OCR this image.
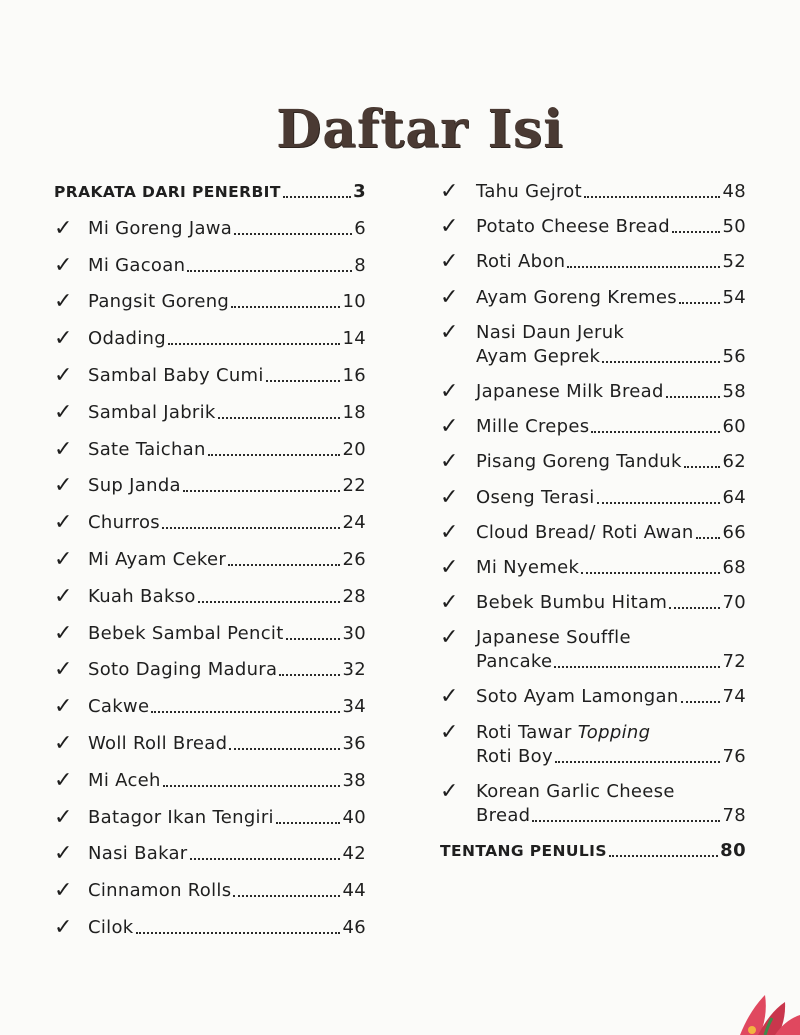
Daftar Isi
PRAKATA DARI PENERBIT	3
✓ Mi Goreng Jawa	6
✓ Mi Gacoan	8
✓ Pangsit Goreng	10
✓ Odading	14
✓ Sambal Baby Cumi	16
✓ Sambal Jabrik	18
✓ Sate Taichan	20
✓ Sup Janda	22
✓ Churros	24
✓ Mi Ayam Ceker	26
✓ Kuah Bakso	28
✓ Bebek Sambal Pencit	30
✓ Soto Daging Madura	32
✓ Cakwe	34
✓ Woll Roll Bread	36
✓ Mi Aceh	38
✓ Batagor Ikan Tengiri	40
✓ Nasi Bakar	42
✓ Cinnamon Rolls	44
✓ Cilok	46
✓ Tahu Gejrot	48
✓ Potato Cheese Bread	50
✓ Roti Abon	52
✓ Ayam Goreng Kremes	54
✓ Nasi Daun Jeruk
Ayam Geprek	56
✓ Japanese Milk Bread	58
✓ Mille Crepes	60
✓ Pisang Goreng Tanduk 62
✓ Oseng Terasi	64
✓ Cloud Bread/ Roti Awan 66
✓ Mi Nyemek	68
✓ Bebek Bumbu Hitam	70
✓ Japanese Souffle
Pancake	72
✓ Soto Ayam Lamongan 74
✓ Roti Tawar Topping
Roti Boy	76
✓ Korean Garlic Cheese
Bread	78
TENTANG PENULIS	80
